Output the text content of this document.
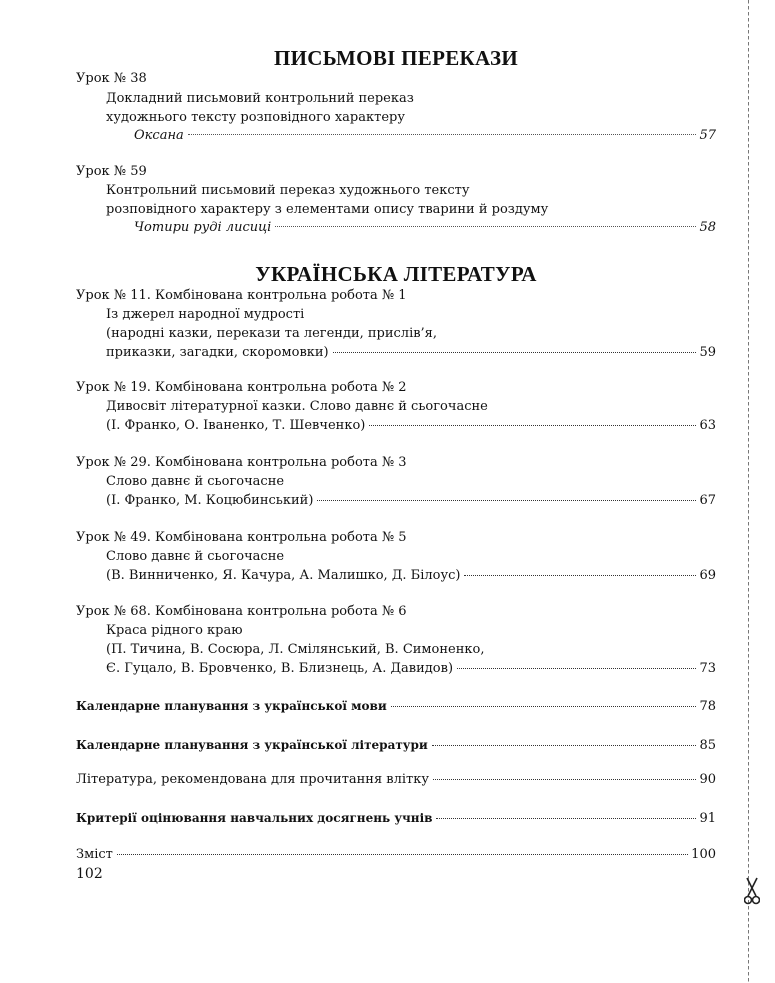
ПИСЬМОВІ ПЕРЕКАЗИ
Урок № 38
Докладний письмовий контрольний переказ
художнього тексту розповідного характеру
Оксана	57
Урок № 59
Контрольний письмовий переказ художнього тексту
розповідного характеру з елементами опису тварини й роздуму
Чотири руді лисиці	58
УКРАЇНСЬКА ЛІТЕРАТУРА
Урок № 11. Комбінована контрольна робота № 1
Із джерел народної мудрості
(народні казки, перекази та легенди, прислів’я,
приказки, загадки, скоромовки)	59
Урок № 19. Комбінована контрольна робота № 2
Дивосвіт літературної казки. Слово давнє й сьогочасне
(І. Франко, О. Іваненко, Т. Шевченко)	63
Урок № 29. Комбінована контрольна робота № 3
Слово давнє й сьогочасне
(І. Франко, М. Коцюбинський)	67
Урок № 49. Комбінована контрольна робота № 5
Слово давнє й сьогочасне
(В. Винниченко, Я. Качура, А. Малишко, Д. Білоус)	69
Урок № 68. Комбінована контрольна робота № 6
Краса рідного краю
(П. Тичина, В. Сосюра, Л. Смілянський, В. Симоненко,
Є. Гуцало, В. Бровченко, В. Близнець, А. Давидов)	73
Календарне планування з української мови	78
Календарне планування з української літератури	85
Література, рекомендована для прочитання влітку	90
Критерії оцінювання навчальних досягнень учнів	91
Зміст	100
102
